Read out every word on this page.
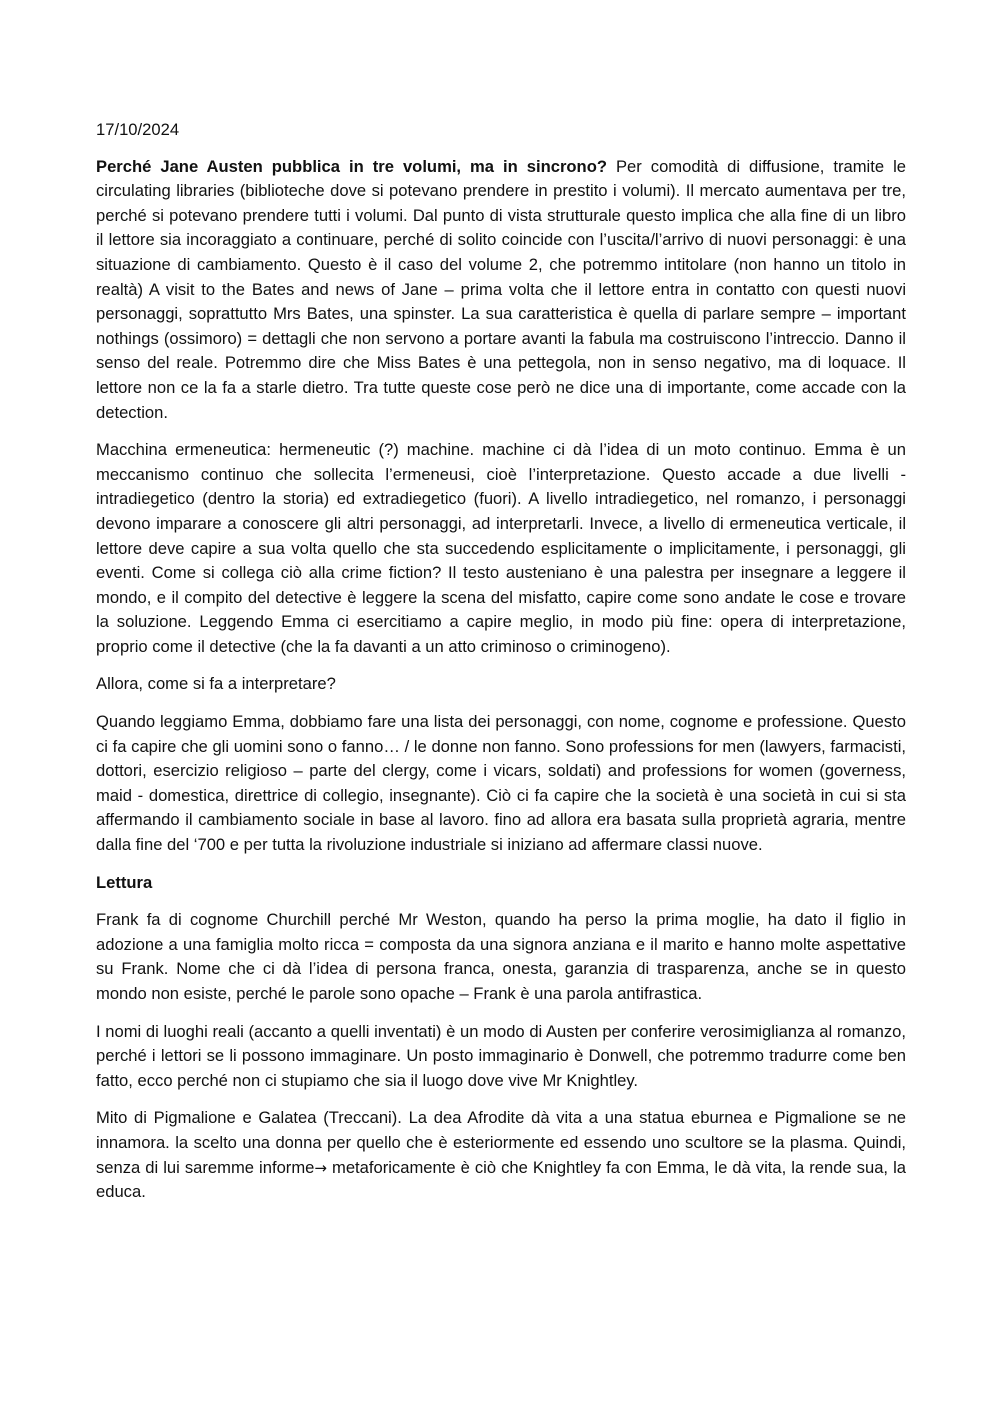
17/10/2024

Perché Jane Austen pubblica in tre volumi, ma in sincrono? Per comodità di diffusione, tramite le circulating libraries (biblioteche dove si potevano prendere in prestito i volumi). Il mercato aumentava per tre, perché si potevano prendere tutti i volumi. Dal punto di vista strutturale questo implica che alla fine di un libro il lettore sia incoraggiato a continuare, perché di solito coincide con l’uscita/l’arrivo di nuovi personaggi: è una situazione di cambiamento. Questo è il caso del volume 2, che potremmo intitolare (non hanno un titolo in realtà) A visit to the Bates and news of Jane – prima volta che il lettore entra in contatto con questi nuovi personaggi, soprattutto Mrs Bates, una spinster. La sua caratteristica è quella di parlare sempre – important nothings (ossimoro) = dettagli che non servono a portare avanti la fabula ma costruiscono l’intreccio. Danno il senso del reale. Potremmo dire che Miss Bates è una pettegola, non in senso negativo, ma di loquace. Il lettore non ce la fa a starle dietro. Tra tutte queste cose però ne dice una di importante, come accade con la detection.

Macchina ermeneutica: hermeneutic (?) machine. machine ci dà l’idea di un moto continuo. Emma è un meccanismo continuo che sollecita l’ermeneusi, cioè l’interpretazione. Questo accade a due livelli -intradiegetico (dentro la storia) ed extradiegetico (fuori). A livello intradiegetico, nel romanzo, i personaggi devono imparare a conoscere gli altri personaggi, ad interpretarli. Invece, a livello di ermeneutica verticale, il lettore deve capire a sua volta quello che sta succedendo esplicitamente o implicitamente, i personaggi, gli eventi. Come si collega ciò alla crime fiction? Il testo austeniano è una palestra per insegnare a leggere il mondo, e il compito del detective è leggere la scena del misfatto, capire come sono andate le cose e trovare la soluzione. Leggendo Emma ci esercitiamo a capire meglio, in modo più fine: opera di interpretazione, proprio come il detective (che la fa davanti a un atto criminoso o criminogeno).

Allora, come si fa a interpretare?

Quando leggiamo Emma, dobbiamo fare una lista dei personaggi, con nome, cognome e professione. Questo ci fa capire che gli uomini sono o fanno… / le donne non fanno. Sono professions for men (lawyers, farmacisti, dottori, esercizio religioso – parte del clergy, come i vicars, soldati) and professions for women (governess, maid - domestica, direttrice di collegio, insegnante). Ciò ci fa capire che la società è una società in cui si sta affermando il cambiamento sociale in base al lavoro. fino ad allora era basata sulla proprietà agraria, mentre dalla fine del ‘700 e per tutta la rivoluzione industriale si iniziano ad affermare classi nuove.

Lettura

Frank fa di cognome Churchill perché Mr Weston, quando ha perso la prima moglie, ha dato il figlio in adozione a una famiglia molto ricca = composta da una signora anziana e il marito e hanno molte aspettative su Frank. Nome che ci dà l’idea di persona franca, onesta, garanzia di trasparenza, anche se in questo mondo non esiste, perché le parole sono opache – Frank è una parola antifrastica.

I nomi di luoghi reali (accanto a quelli inventati) è un modo di Austen per conferire verosimiglianza al romanzo, perché i lettori se li possono immaginare. Un posto immaginario è Donwell, che potremmo tradurre come ben fatto, ecco perché non ci stupiamo che sia il luogo dove vive Mr Knightley.

Mito di Pigmalione e Galatea (Treccani). La dea Afrodite dà vita a una statua eburnea e Pigmalione se ne innamora. la scelto una donna per quello che è esteriormente ed essendo uno scultore se la plasma. Quindi, senza di lui saremme informe→ metaforicamente è ciò che Knightley fa con Emma, le dà vita, la rende sua, la educa.
